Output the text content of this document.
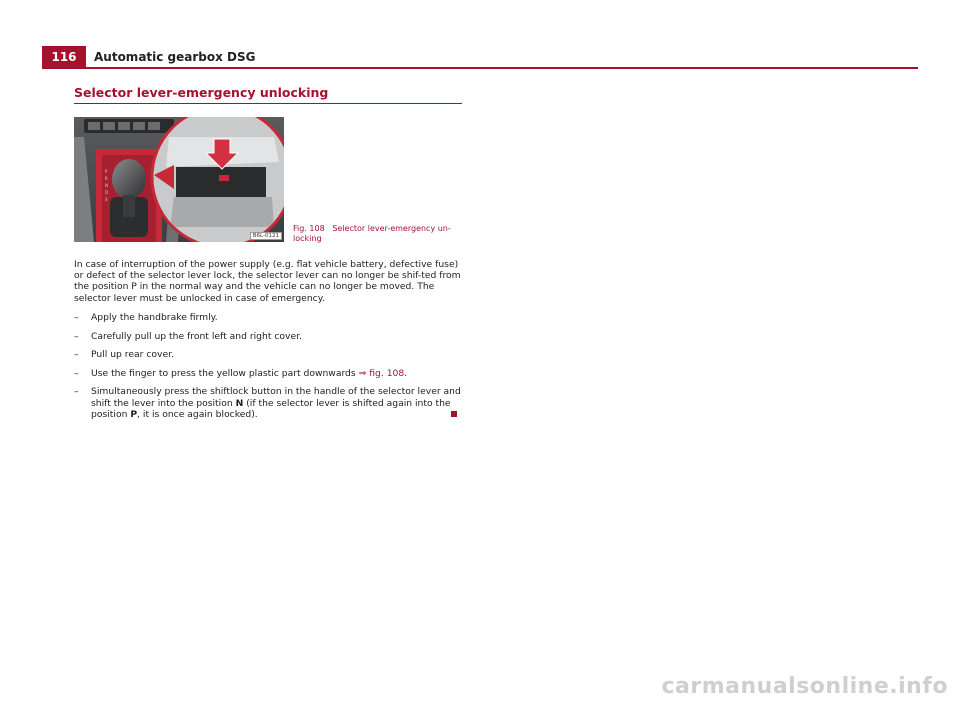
116	Automatic gearbox DSG
Selector lever-emergency unlocking
P
R
N
D
S
B6L-0121
Fig. 108 Selector lever-emergency un-locking
In case of interruption of the power supply (e.g. flat vehicle battery, defective fuse) or defect of the selector lever lock, the selector lever can no longer be shif-ted from the position P in the normal way and the vehicle can no longer be moved. The selector lever must be unlocked in case of emergency.
– Apply the handbrake firmly.
– Carefully pull up the front left and right cover.
– Pull up rear cover.
– Use the finger to press the yellow plastic part downwards ⇒ fig. 108.
– Simultaneously press the shiftlock button in the handle of the selector lever and shift the lever into the position N (if the selector lever is shifted again into the position P, it is once again blocked).
carmanualsonline.info
